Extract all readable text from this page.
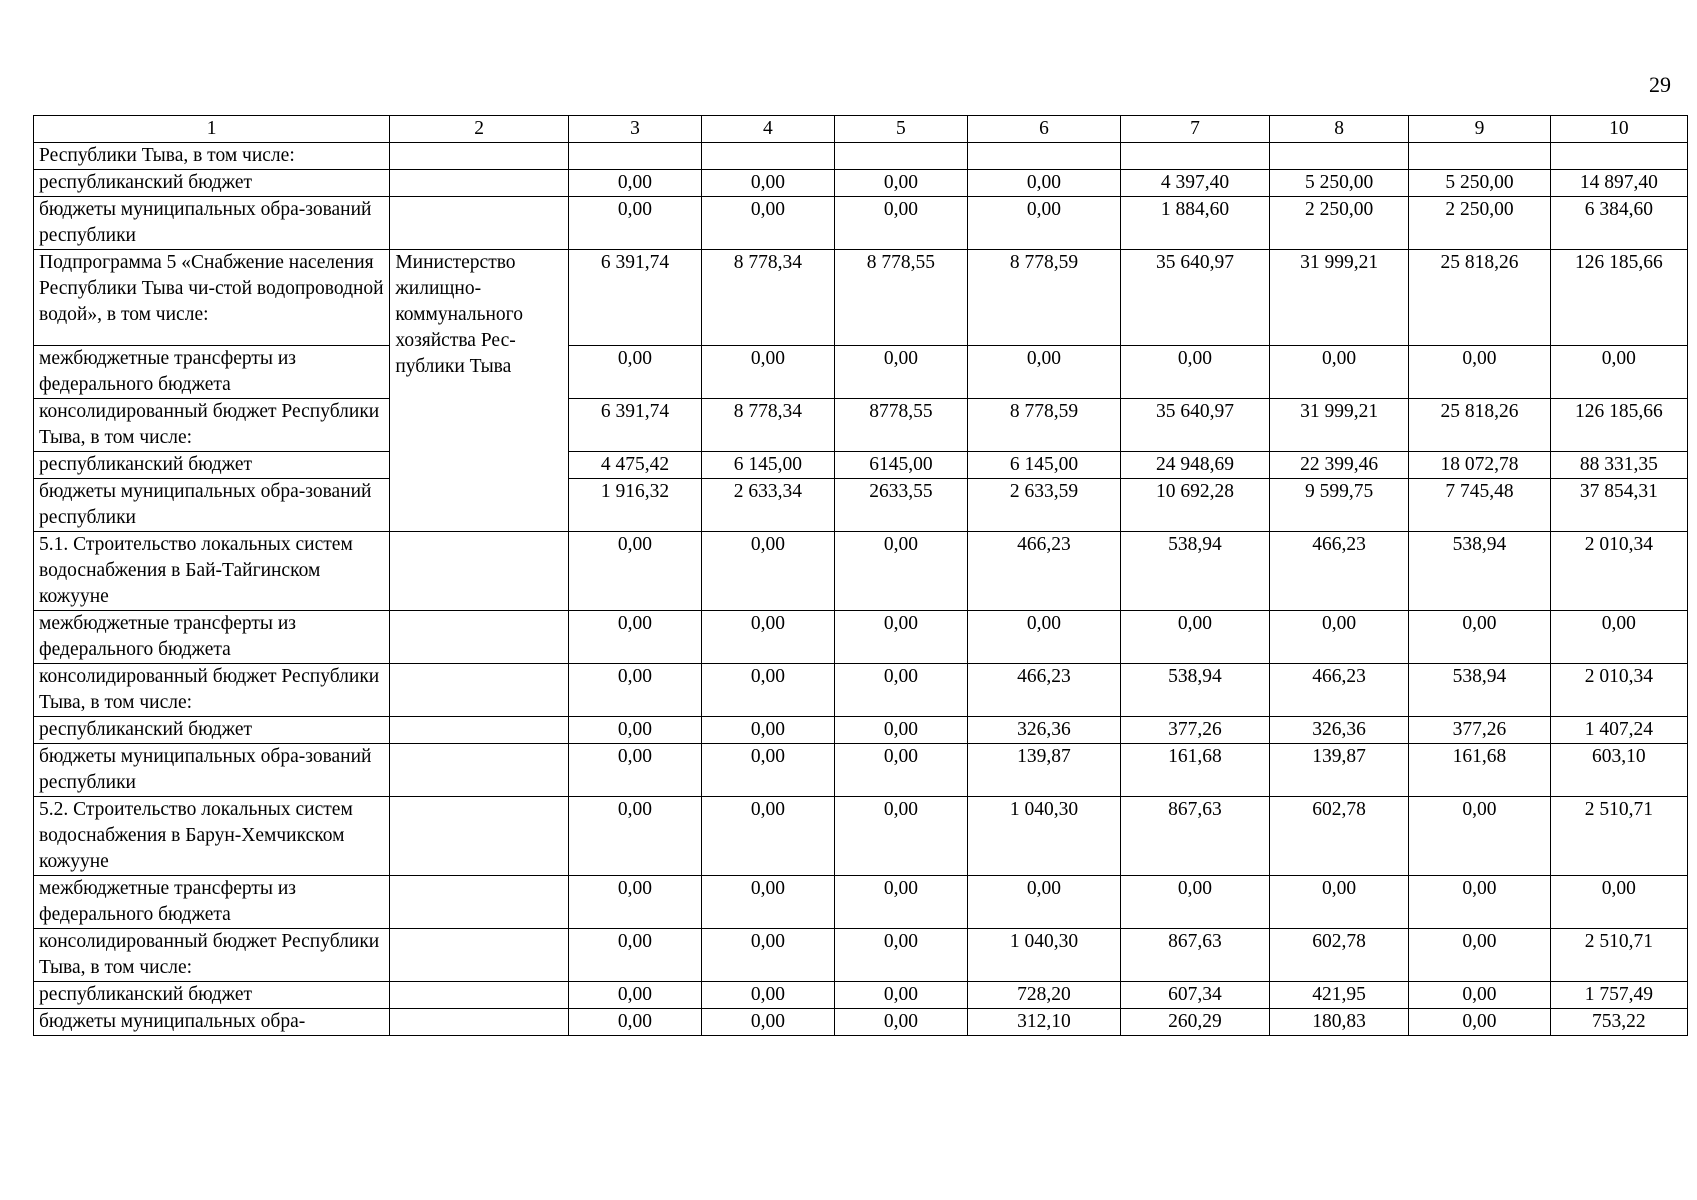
29
1	2	3	4	5	6	7	8	9	10
Республики Тыва, в том числе:									
республиканский бюджет		0,00	0,00	0,00	0,00	4 397,40	5 250,00	5 250,00	14 897,40
бюджеты муниципальных обра-зований республики		0,00	0,00	0,00	0,00	1 884,60	2 250,00	2 250,00	6 384,60
Подпрограмма 5 «Снабжение населения Республики Тыва чи-стой водопроводной водой», в том числе:	Министерство жилищно-коммунального хозяйства Рес-публики Тыва	6 391,74	8 778,34	8 778,55	8 778,59	35 640,97	31 999,21	25 818,26	126 185,66
межбюджетные трансферты из федерального бюджета		0,00	0,00	0,00	0,00	0,00	0,00	0,00	0,00
консолидированный бюджет Республики Тыва, в том числе:		6 391,74	8 778,34	8778,55	8 778,59	35 640,97	31 999,21	25 818,26	126 185,66
республиканский бюджет		4 475,42	6 145,00	6145,00	6 145,00	24 948,69	22 399,46	18 072,78	88 331,35
бюджеты муниципальных обра-зований республики		1 916,32	2 633,34	2633,55	2 633,59	10 692,28	9 599,75	7 745,48	37 854,31
5.1. Строительство локальных систем водоснабжения в Бай-Тайгинском кожууне		0,00	0,00	0,00	466,23	538,94	466,23	538,94	2 010,34
межбюджетные трансферты из федерального бюджета		0,00	0,00	0,00	0,00	0,00	0,00	0,00	0,00
консолидированный бюджет Республики Тыва, в том числе:		0,00	0,00	0,00	466,23	538,94	466,23	538,94	2 010,34
республиканский бюджет		0,00	0,00	0,00	326,36	377,26	326,36	377,26	1 407,24
бюджеты муниципальных обра-зований республики		0,00	0,00	0,00	139,87	161,68	139,87	161,68	603,10
5.2. Строительство локальных систем водоснабжения в Барун-Хемчикском кожууне		0,00	0,00	0,00	1 040,30	867,63	602,78	0,00	2 510,71
межбюджетные трансферты из федерального бюджета		0,00	0,00	0,00	0,00	0,00	0,00	0,00	0,00
консолидированный бюджет Республики Тыва, в том числе:		0,00	0,00	0,00	1 040,30	867,63	602,78	0,00	2 510,71
республиканский бюджет		0,00	0,00	0,00	728,20	607,34	421,95	0,00	1 757,49
бюджеты муниципальных обра-		0,00	0,00	0,00	312,10	260,29	180,83	0,00	753,22
